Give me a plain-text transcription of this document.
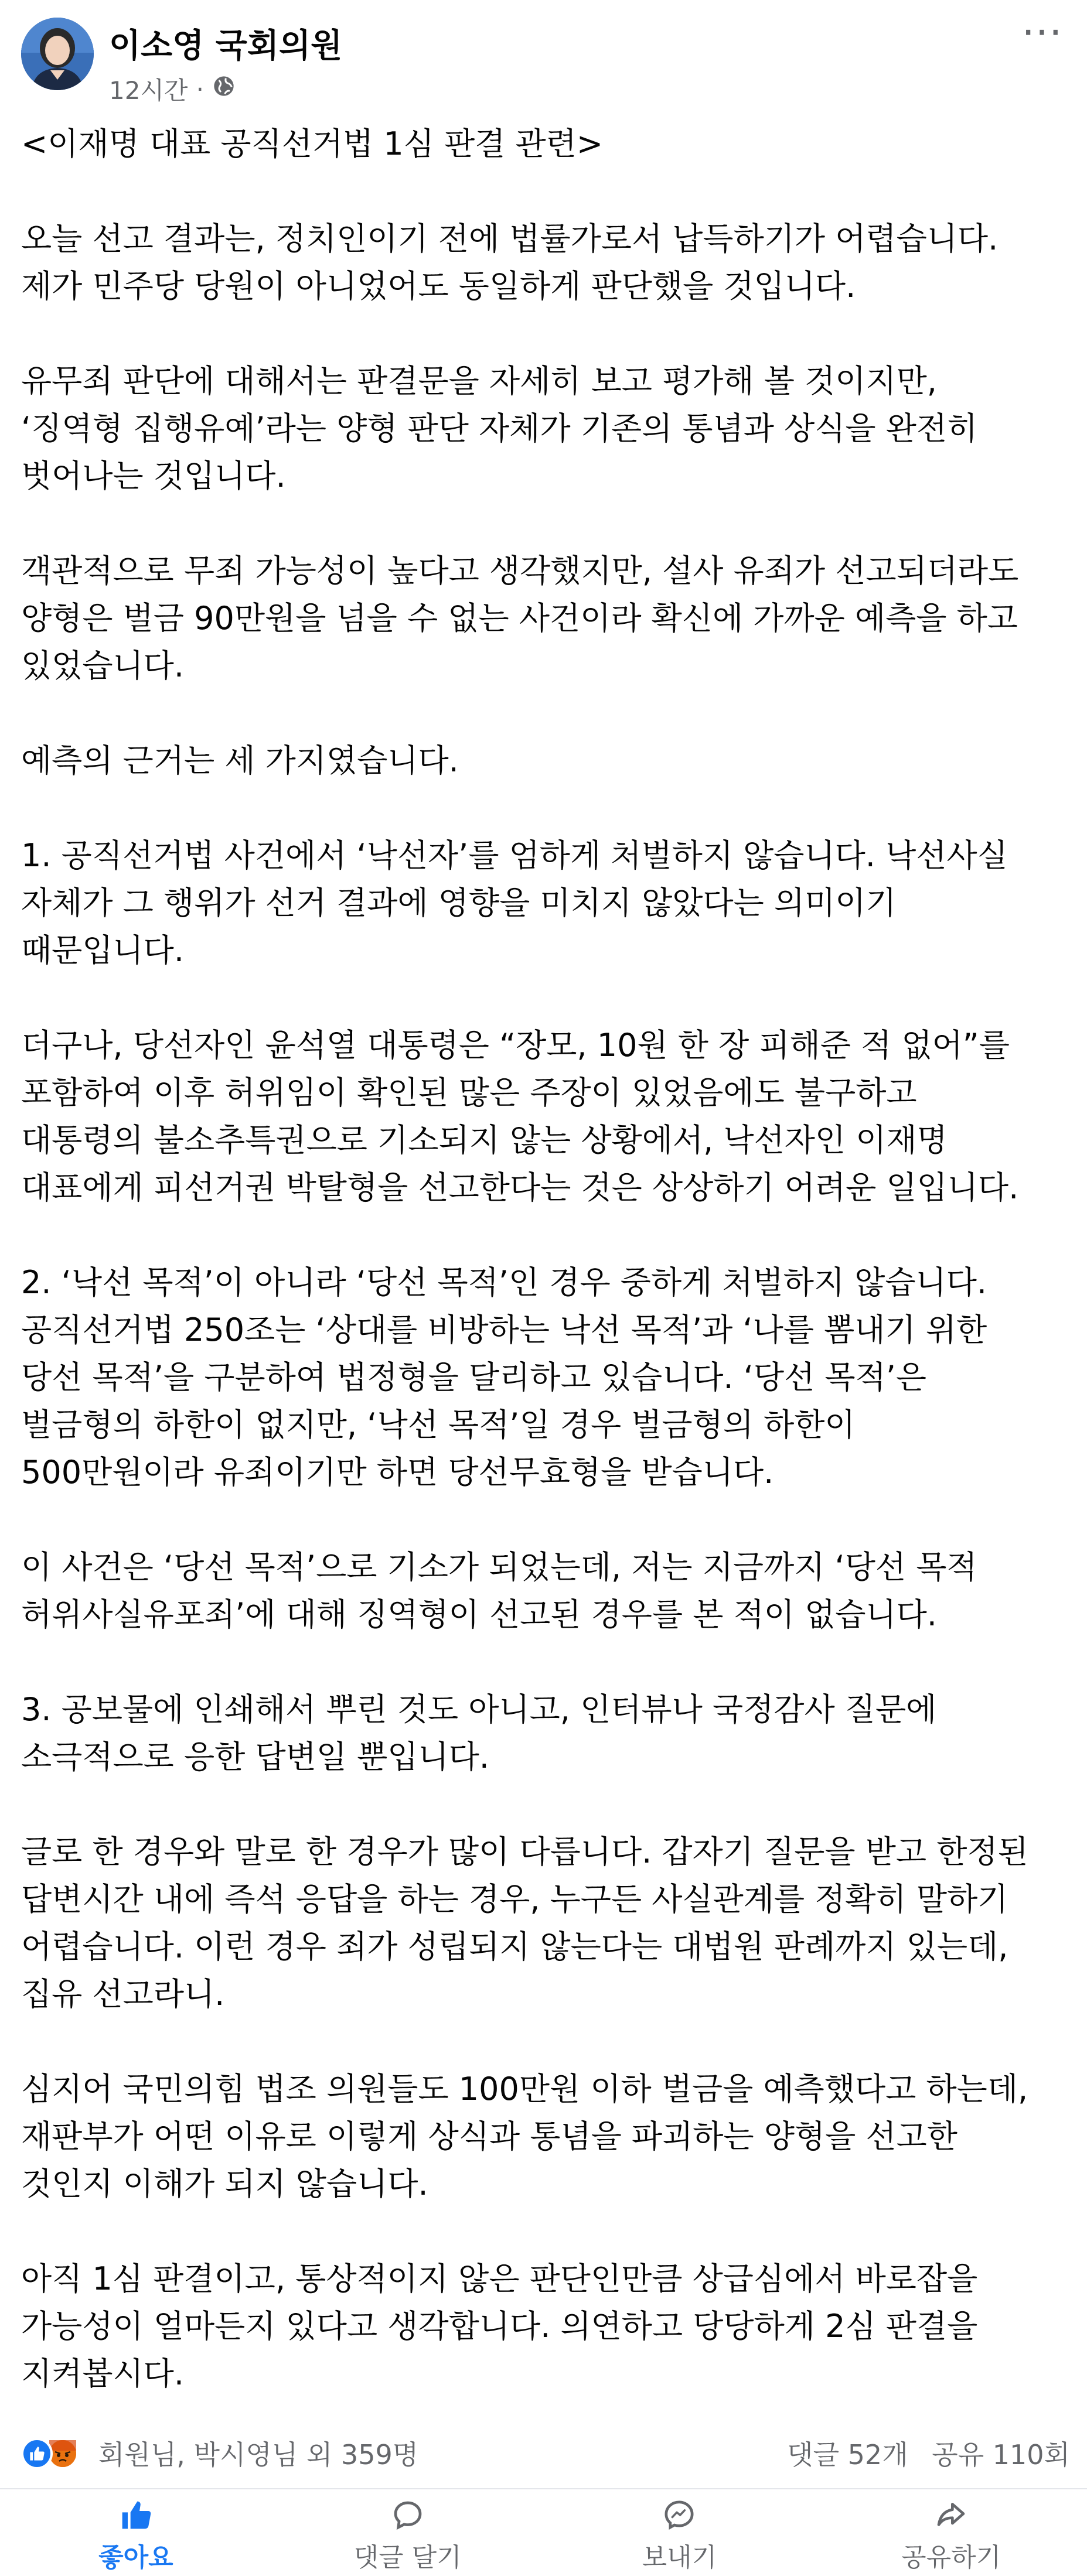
이소영 국회의원
12시간 ·
⋯

<이재명 대표 공직선거법 1심 판결 관련>

오늘 선고 결과는, 정치인이기 전에 법률가로서 납득하기가 어렵습니다.
제가 민주당 당원이 아니었어도 동일하게 판단했을 것입니다.

유무죄 판단에 대해서는 판결문을 자세히 보고 평가해 볼 것이지만,
‘징역형 집행유예’라는 양형 판단 자체가 기존의 통념과 상식을 완전히
벗어나는 것입니다.

객관적으로 무죄 가능성이 높다고 생각했지만, 설사 유죄가 선고되더라도
양형은 벌금 90만원을 넘을 수 없는 사건이라 확신에 가까운 예측을 하고
있었습니다.

예측의 근거는 세 가지였습니다.

1. 공직선거법 사건에서 ‘낙선자’를 엄하게 처벌하지 않습니다. 낙선사실
자체가 그 행위가 선거 결과에 영향을 미치지 않았다는 의미이기
때문입니다.

더구나, 당선자인 윤석열 대통령은 “장모, 10원 한 장 피해준 적 없어”를
포함하여 이후 허위임이 확인된 많은 주장이 있었음에도 불구하고
대통령의 불소추특권으로 기소되지 않는 상황에서, 낙선자인 이재명
대표에게 피선거권 박탈형을 선고한다는 것은 상상하기 어려운 일입니다.

2. ‘낙선 목적’이 아니라 ‘당선 목적’인 경우 중하게 처벌하지 않습니다.
공직선거법 250조는 ‘상대를 비방하는 낙선 목적’과 ‘나를 뽐내기 위한
당선 목적’을 구분하여 법정형을 달리하고 있습니다. ‘당선 목적’은
벌금형의 하한이 없지만, ‘낙선 목적’일 경우 벌금형의 하한이
500만원이라 유죄이기만 하면 당선무효형을 받습니다.

이 사건은 ‘당선 목적’으로 기소가 되었는데, 저는 지금까지 ‘당선 목적
허위사실유포죄’에 대해 징역형이 선고된 경우를 본 적이 없습니다.

3. 공보물에 인쇄해서 뿌린 것도 아니고, 인터뷰나 국정감사 질문에
소극적으로 응한 답변일 뿐입니다.

글로 한 경우와 말로 한 경우가 많이 다릅니다. 갑자기 질문을 받고 한정된
답변시간 내에 즉석 응답을 하는 경우, 누구든 사실관계를 정확히 말하기
어렵습니다. 이런 경우 죄가 성립되지 않는다는 대법원 판례까지 있는데,
집유 선고라니.

심지어 국민의힘 법조 의원들도 100만원 이하 벌금을 예측했다고 하는데,
재판부가 어떤 이유로 이렇게 상식과 통념을 파괴하는 양형을 선고한
것인지 이해가 되지 않습니다.

아직 1심 판결이고, 통상적이지 않은 판단인만큼 상급심에서 바로잡을
가능성이 얼마든지 있다고 생각합니다. 의연하고 당당하게 2심 판결을
지켜봅시다.

회원님, 박시영님 외 359명	댓글 52개 공유 110회
좋아요	댓글 달기	보내기	공유하기
